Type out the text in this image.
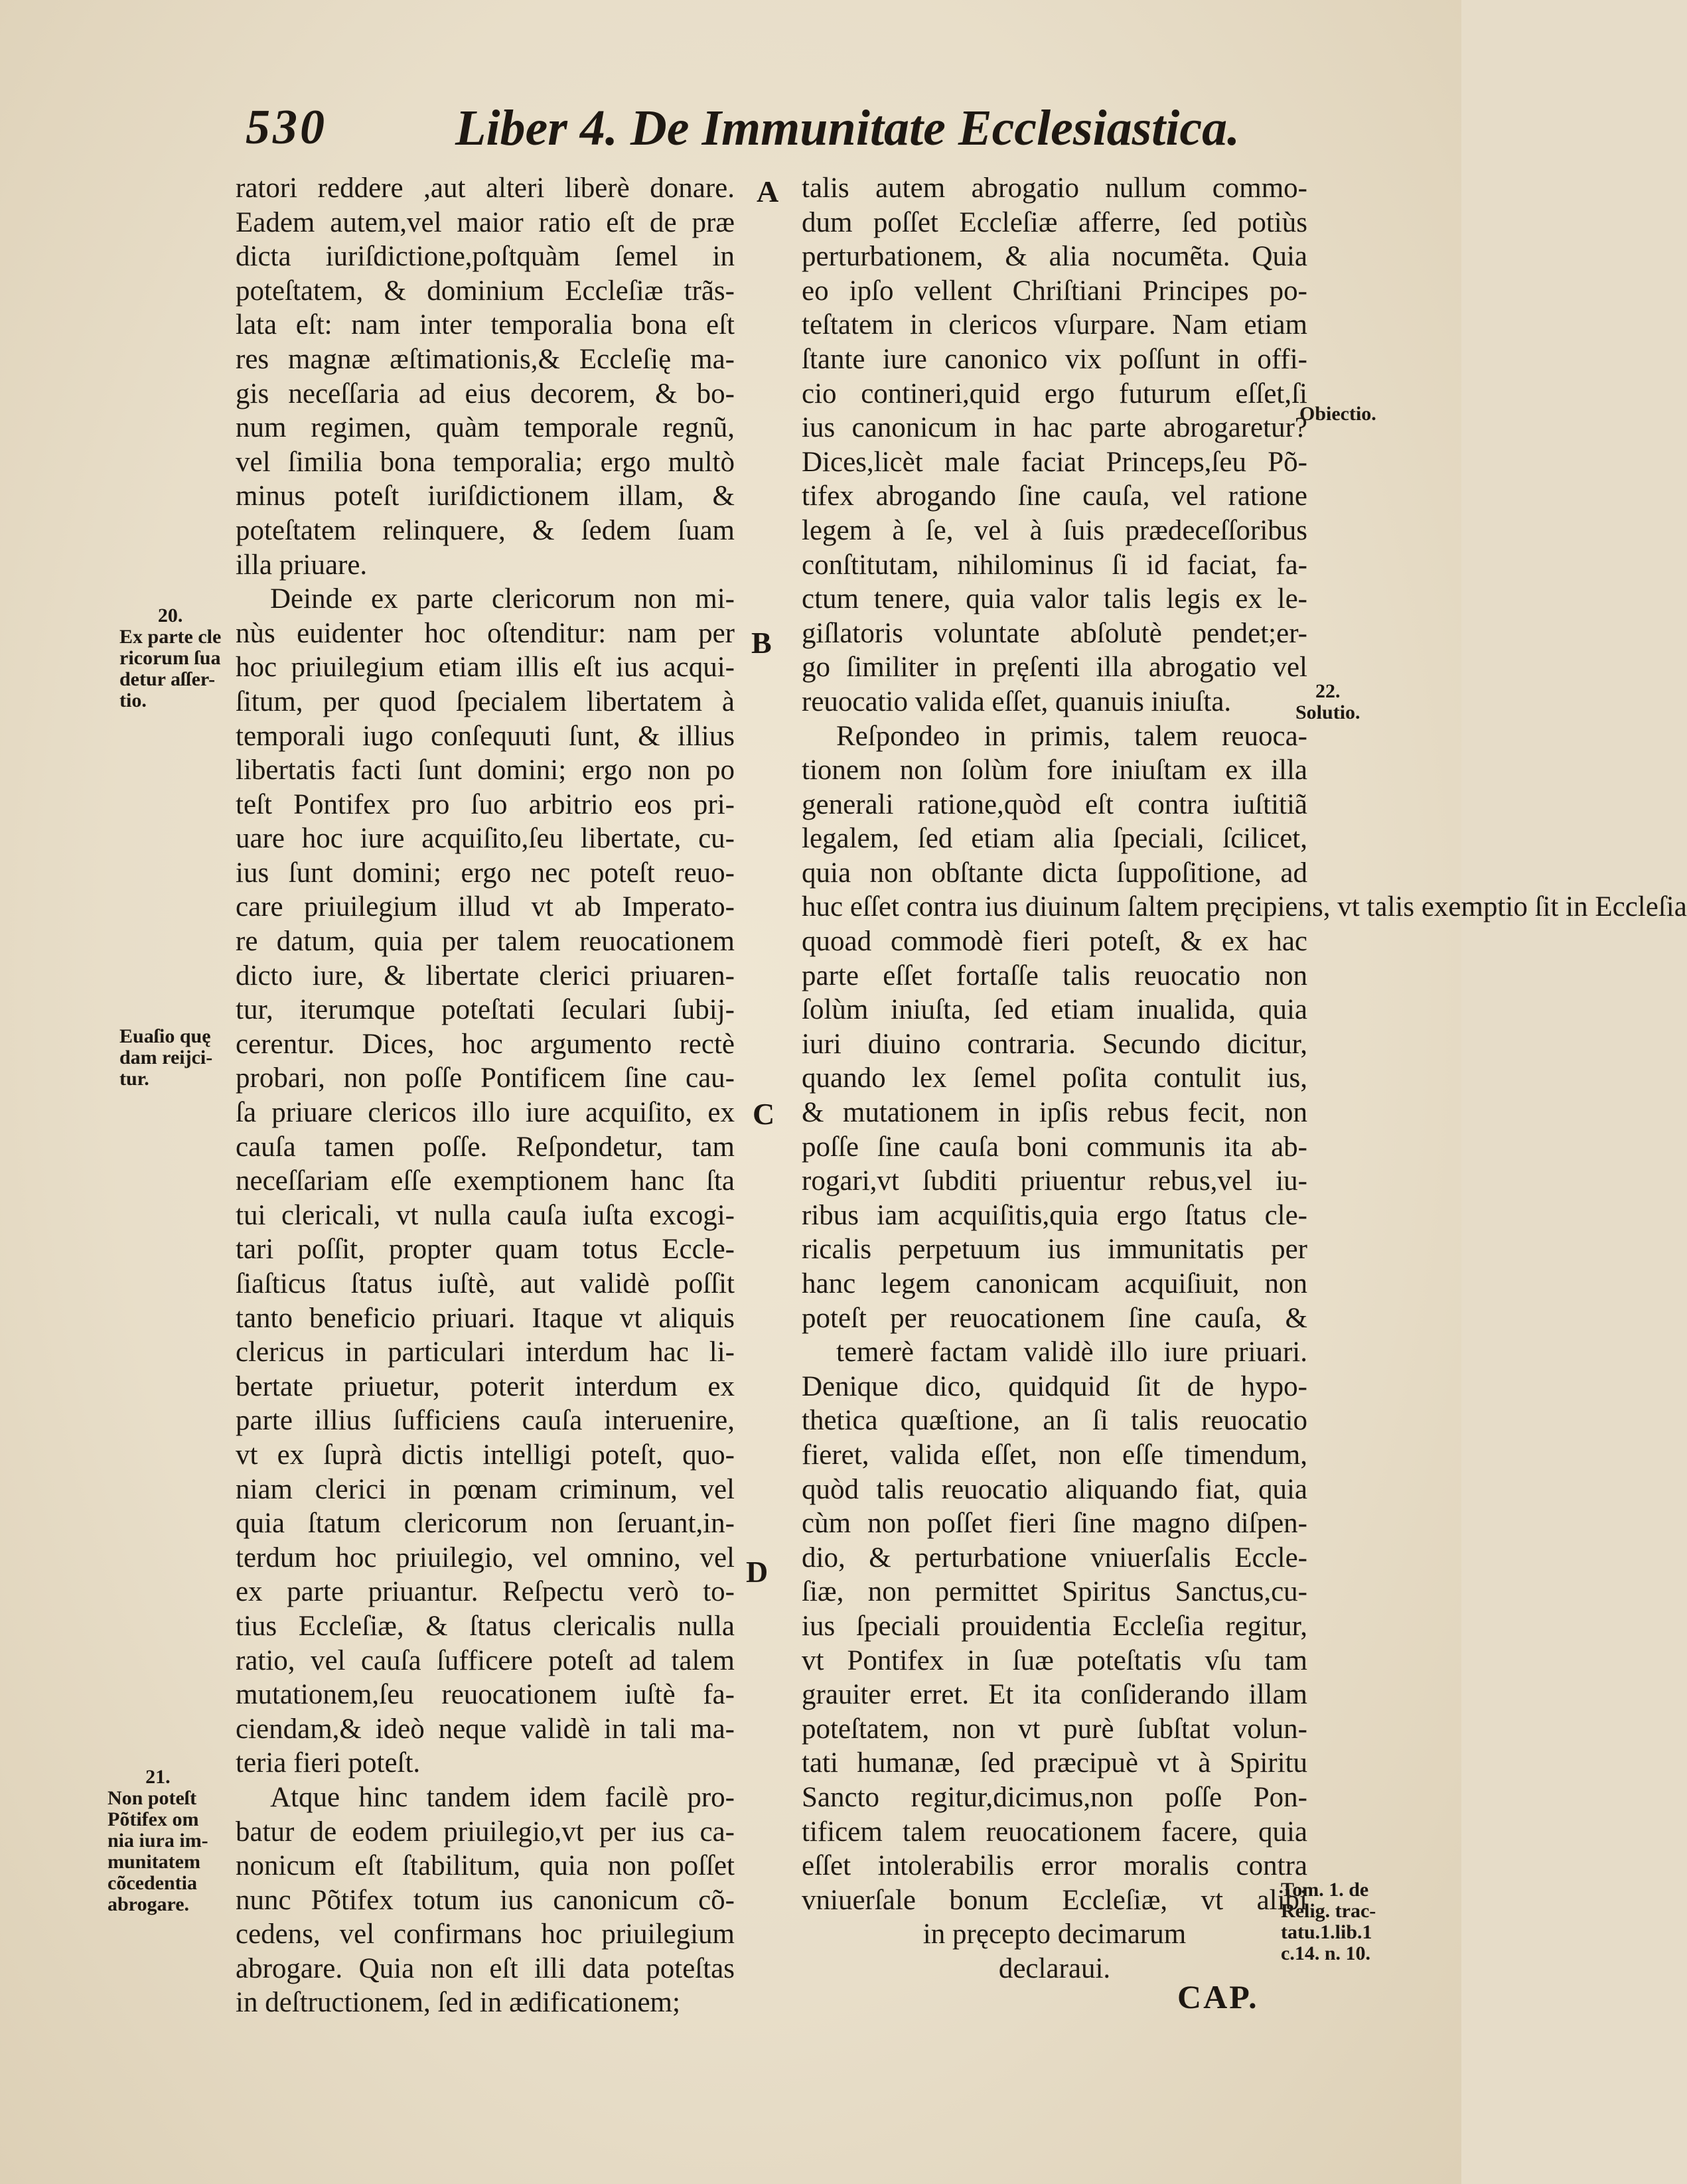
530	Liber 4. De Immunitate Ecclesiastica.
ratori reddere ,aut alteri liberè donare.
Eadem autem,vel maior ratio eſt de præ
dicta iuriſdictione,poſtquàm ſemel in
poteſtatem, & dominium Eccleſiæ trãs-
lata eſt: nam inter temporalia bona eſt
res magnæ æſtimationis,& Eccleſię ma-
gis neceſſaria ad eius decorem, & bo-
num regimen, quàm temporale regnũ,
vel ſimilia bona temporalia; ergo multò
minus poteſt iuriſdictionem illam, &
poteſtatem relinquere, & ſedem ſuam
illa priuare.
Deinde ex parte clericorum non mi-
nùs euidenter hoc oſtenditur: nam per
hoc priuilegium etiam illis eſt ius acqui-
ſitum, per quod ſpecialem libertatem à
temporali iugo conſequuti ſunt, & illius
libertatis facti ſunt domini; ergo non po
teſt Pontifex pro ſuo arbitrio eos pri-
uare hoc iure acquiſito,ſeu libertate, cu-
ius ſunt domini; ergo nec poteſt reuo-
care priuilegium illud vt ab Imperato-
re datum, quia per talem reuocationem
dicto iure, & libertate clerici priuaren-
tur, iterumque poteſtati ſeculari ſubij-
cerentur. Dices, hoc argumento rectè
probari, non poſſe Pontificem ſine cau-
ſa priuare clericos illo iure acquiſito, ex
cauſa tamen poſſe. Reſpondetur, tam
neceſſariam eſſe exemptionem hanc ſta
tui clericali, vt nulla cauſa iuſta excogi-
tari poſſit, propter quam totus Eccle-
ſiaſticus ſtatus iuſtè, aut validè poſſit
tanto beneficio priuari. Itaque vt aliquis
clericus in particulari interdum hac li-
bertate priuetur, poterit interdum ex
parte illius ſufficiens cauſa interuenire,
vt ex ſuprà dictis intelligi poteſt, quo-
niam clerici in pœnam criminum, vel
quia ſtatum clericorum non ſeruant,in-
terdum hoc priuilegio, vel omnino, vel
ex parte priuantur. Reſpectu verò to-
tius Eccleſiæ, & ſtatus clericalis nulla
ratio, vel cauſa ſufficere poteſt ad talem
mutationem,ſeu reuocationem iuſtè fa-
ciendam,& ideò neque validè in tali ma-
teria fieri poteſt.
Atque hinc tandem idem facilè pro-
batur de eodem priuilegio,vt per ius ca-
nonicum eſt ſtabilitum, quia non poſſet
nunc Põtifex totum ius canonicum cõ-
cedens, vel confirmans hoc priuilegium
abrogare. Quia non eſt illi data poteſtas
in deſtructionem, ſed in ædificationem;
talis autem abrogatio nullum commo-
dum poſſet Eccleſiæ afferre, ſed potiùs
perturbationem, & alia nocumẽta. Quia
eo ipſo vellent Chriſtiani Principes po-
teſtatem in clericos vſurpare. Nam etiam
ſtante iure canonico vix poſſunt in offi-
cio contineri,quid ergo futurum eſſet,ſi
ius canonicum in hac parte abrogaretur?
Dices,licèt male faciat Princeps,ſeu Põ-
tifex abrogando ſine cauſa, vel ratione
legem à ſe, vel à ſuis prædeceſſoribus
conſtitutam, nihilominus ſi id faciat, fa-
ctum tenere, quia valor talis legis ex le-
giſlatoris voluntate abſolutè pendet;er-
go ſimiliter in pręſenti illa abrogatio vel
reuocatio valida eſſet, quanuis iniuſta.
Reſpondeo in primis, talem reuoca-
tionem non ſolùm fore iniuſtam ex illa
generali ratione,quòd eſt contra iuſtitiã
legalem, ſed etiam alia ſpeciali, ſcilicet,
quia non obſtante dicta ſuppoſitione, ad
huc eſſet contra ius diuinum ſaltem pręcipiens, vt talis exemptio ſit in Eccleſia
quoad commodè fieri poteſt, & ex hac
parte eſſet fortaſſe talis reuocatio non
ſolùm iniuſta, ſed etiam inualida, quia
iuri diuino contraria. Secundo dicitur,
quando lex ſemel poſita contulit ius,
& mutationem in ipſis rebus fecit, non
poſſe ſine cauſa boni communis ita ab-
rogari,vt ſubditi priuentur rebus,vel iu-
ribus iam acquiſitis,quia ergo ſtatus cle-
ricalis perpetuum ius immunitatis per
hanc legem canonicam acquiſiuit, non
poteſt per reuocationem ſine cauſa, &
temerè factam validè illo iure priuari.
Denique dico, quidquid ſit de hypo-
thetica quæſtione, an ſi talis reuocatio
fieret, valida eſſet, non eſſe timendum,
quòd talis reuocatio aliquando fiat, quia
cùm non poſſet fieri ſine magno diſpen-
dio, & perturbatione vniuerſalis Eccle-
ſiæ, non permittet Spiritus Sanctus,cu-
ius ſpeciali prouidentia Eccleſia regitur,
vt Pontifex in ſuæ poteſtatis vſu tam
grauiter erret. Et ita conſiderando illam
poteſtatem, non vt purè ſubſtat volun-
tati humanæ, ſed præcipuè vt à Spiritu
Sancto regitur,dicimus,non poſſe Pon-
tificem talem reuocationem facere, quia
eſſet intolerabilis error moralis contra
vniuerſale bonum Eccleſiæ, vt alibi
in pręcepto decimarum
declaraui.
A
B
C
D
20.
Ex parte cle
ricorum ſua
detur aſſer-
tio.
Euaſio quę
dam reijci-
tur.
21.
Non poteſt
Põtifex om
nia iura im-
munitatem
cõcedentia
abrogare.
Obiectio.
22.
Solutio.
Tom. 1. de
Relig. trac-
tatu.1.lib.1
c.14. n. 10.
CAP.
